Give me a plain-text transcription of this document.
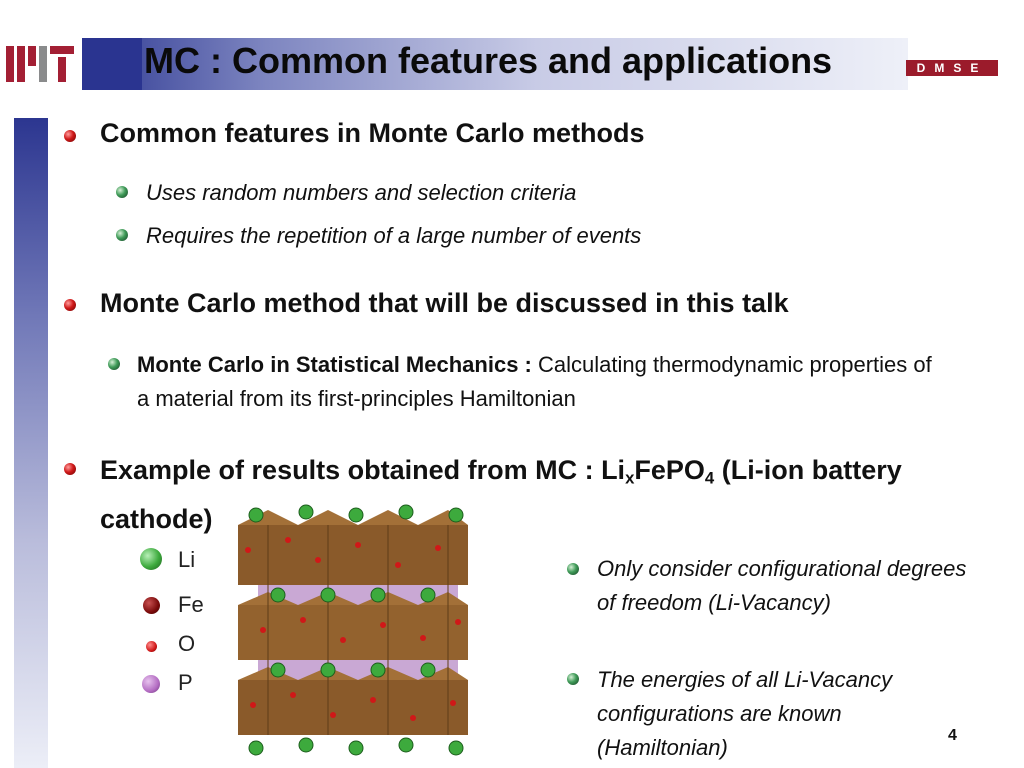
MC : Common features and applications	DMSE
Common features in Monte Carlo methods
Uses random numbers and selection criteria
Requires the repetition of a large number of events
Monte Carlo method that will be discussed in this talk
Monte Carlo in Statistical Mechanics : Calculating thermodynamic properties of a material from its first-principles Hamiltonian
Example of results obtained from MC : $Li_xFePO_4$ (Li-ion battery cathode)
Li
Fe
O
P
Only consider configurational degrees of freedom (Li-Vacancy)
The energies of all Li-Vacancy configurations are known (Hamiltonian)	4
